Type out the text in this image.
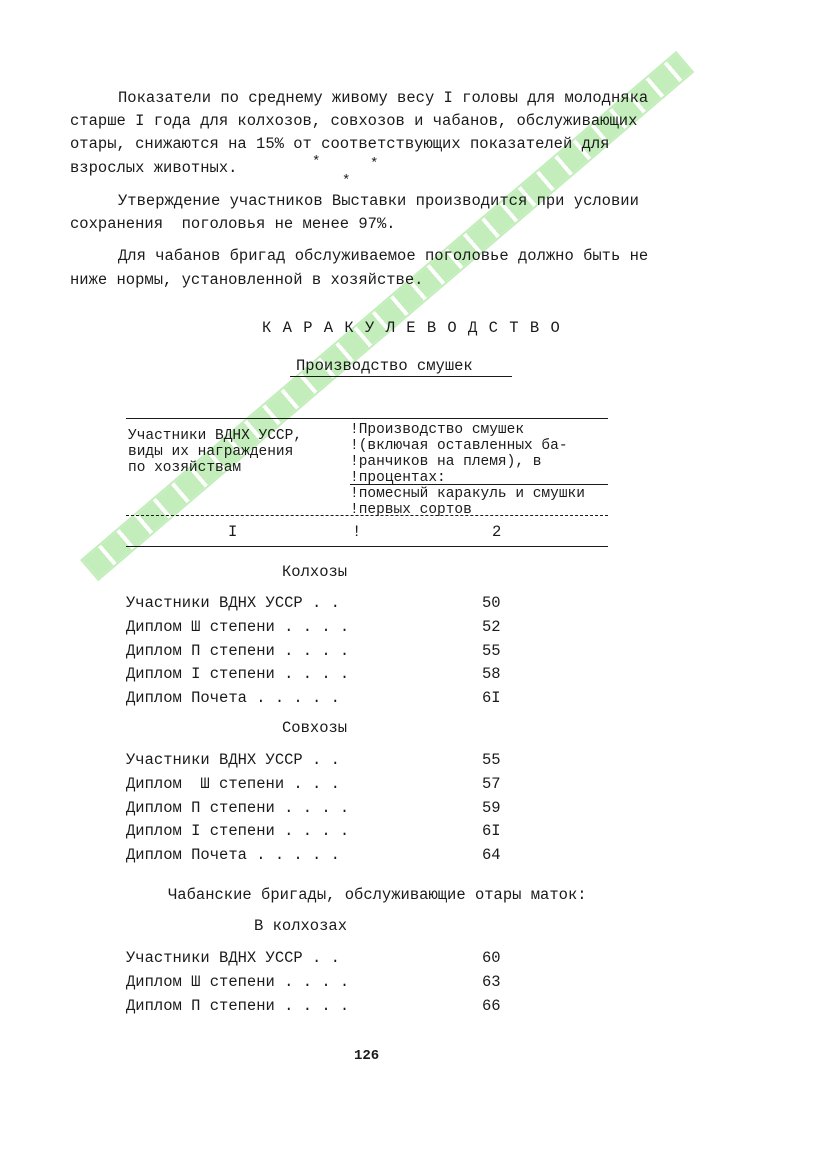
Показатели по среднему живому весу I головы для молодняка
старше I года для колхозов, совхозов и чабанов, обслуживающих
отары, снижаются на 15% от соответствующих показателей для
взрослых животных.	*	*
*
Утверждение участников Выставки производится при условии
сохранения  поголовья не менее 97%.
Для чабанов бригад обслуживаемое поголовье должно быть не
ниже нормы, установленной в хозяйстве.
К А Р А К У Л Е В О Д С Т В О
Производство смушек
Участники ВДНХ УССР,
виды их награждения
по хозяйствам
!Производство смушек
!(включая оставленных ба-
!ранчиков на племя), в
!процентах:
!помесный каракуль и смушки
!первых сортов
I	!	2
Колхозы
Участники ВДНХ УССР . .	50
Диплом Ш степени . . . .	52
Диплом П степени . . . .	55
Диплом I степени . . . .	58
Диплом Почета . . . . .	6I
Совхозы
Участники ВДНХ УССР . .	55
Диплом  Ш степени . . .	57
Диплом П степени . . . .	59
Диплом I степени . . . .	6I
Диплом Почета . . . . .	64
Чабанские бригады, обслуживающие отары маток:
В колхозах
Участники ВДНХ УССР . .	60
Диплом Ш степени . . . .	63
Диплом П степени . . . .	66
126
